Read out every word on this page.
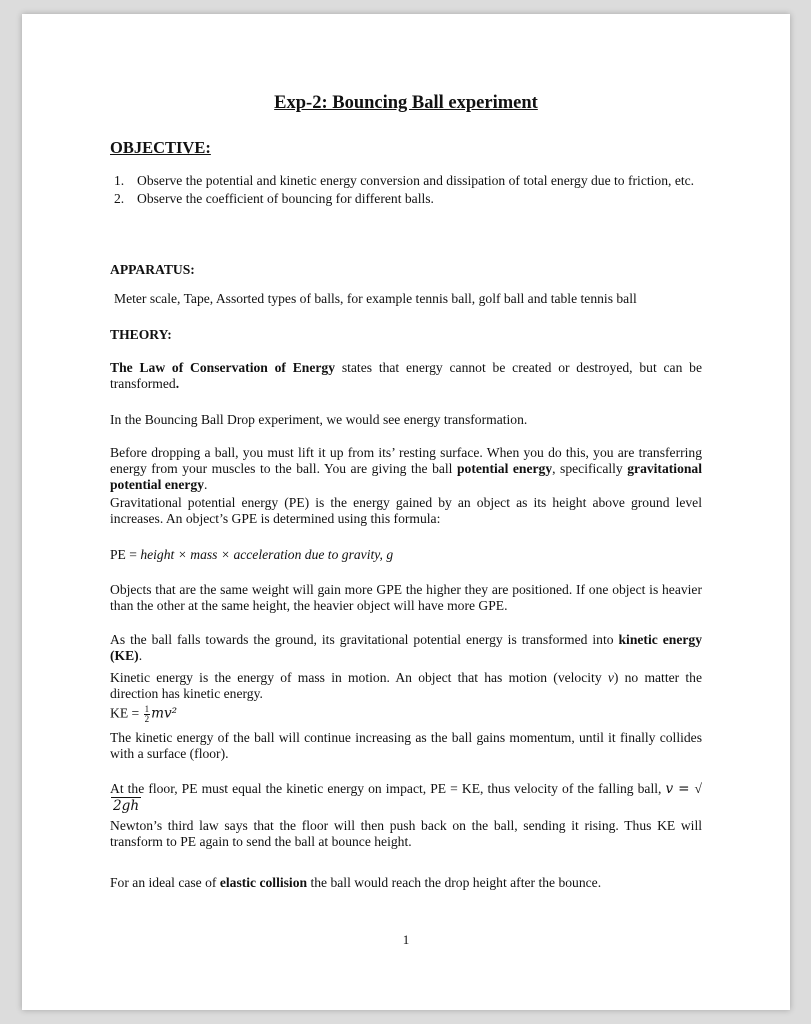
Exp-2: Bouncing Ball experiment
OBJECTIVE:
1. Observe the potential and kinetic energy conversion and dissipation of total energy due to friction, etc.
2. Observe the coefficient of bouncing for different balls.
APPARATUS:
Meter scale, Tape, Assorted types of balls, for example tennis ball, golf ball and table tennis ball
THEORY:
The Law of Conservation of Energy states that energy cannot be created or destroyed, but can be transformed.
In the Bouncing Ball Drop experiment, we would see energy transformation.
Before dropping a ball, you must lift it up from its’ resting surface. When you do this, you are transferring energy from your muscles to the ball. You are giving the ball potential energy, specifically gravitational potential energy.
Gravitational potential energy (PE) is the energy gained by an object as its height above ground level increases. An object’s GPE is determined using this formula:
PE = height × mass × acceleration due to gravity, g
Objects that are the same weight will gain more GPE the higher they are positioned. If one object is heavier than the other at the same height, the heavier object will have more GPE.
As the ball falls towards the ground, its gravitational potential energy is transformed into kinetic energy (KE).
Kinetic energy is the energy of mass in motion. An object that has motion (velocity v) no matter the direction has kinetic energy.
KE = $\frac{1}{2} mv^2$
The kinetic energy of the ball will continue increasing as the ball gains momentum, until it finally collides with a surface (floor).
At the floor, PE must equal the kinetic energy on impact, PE = KE, thus velocity of the falling ball, v = √2gh
Newton’s third law says that the floor will then push back on the ball, sending it rising. Thus KE will transform to PE again to send the ball at bounce height.
For an ideal case of elastic collision the ball would reach the drop height after the bounce.
1
